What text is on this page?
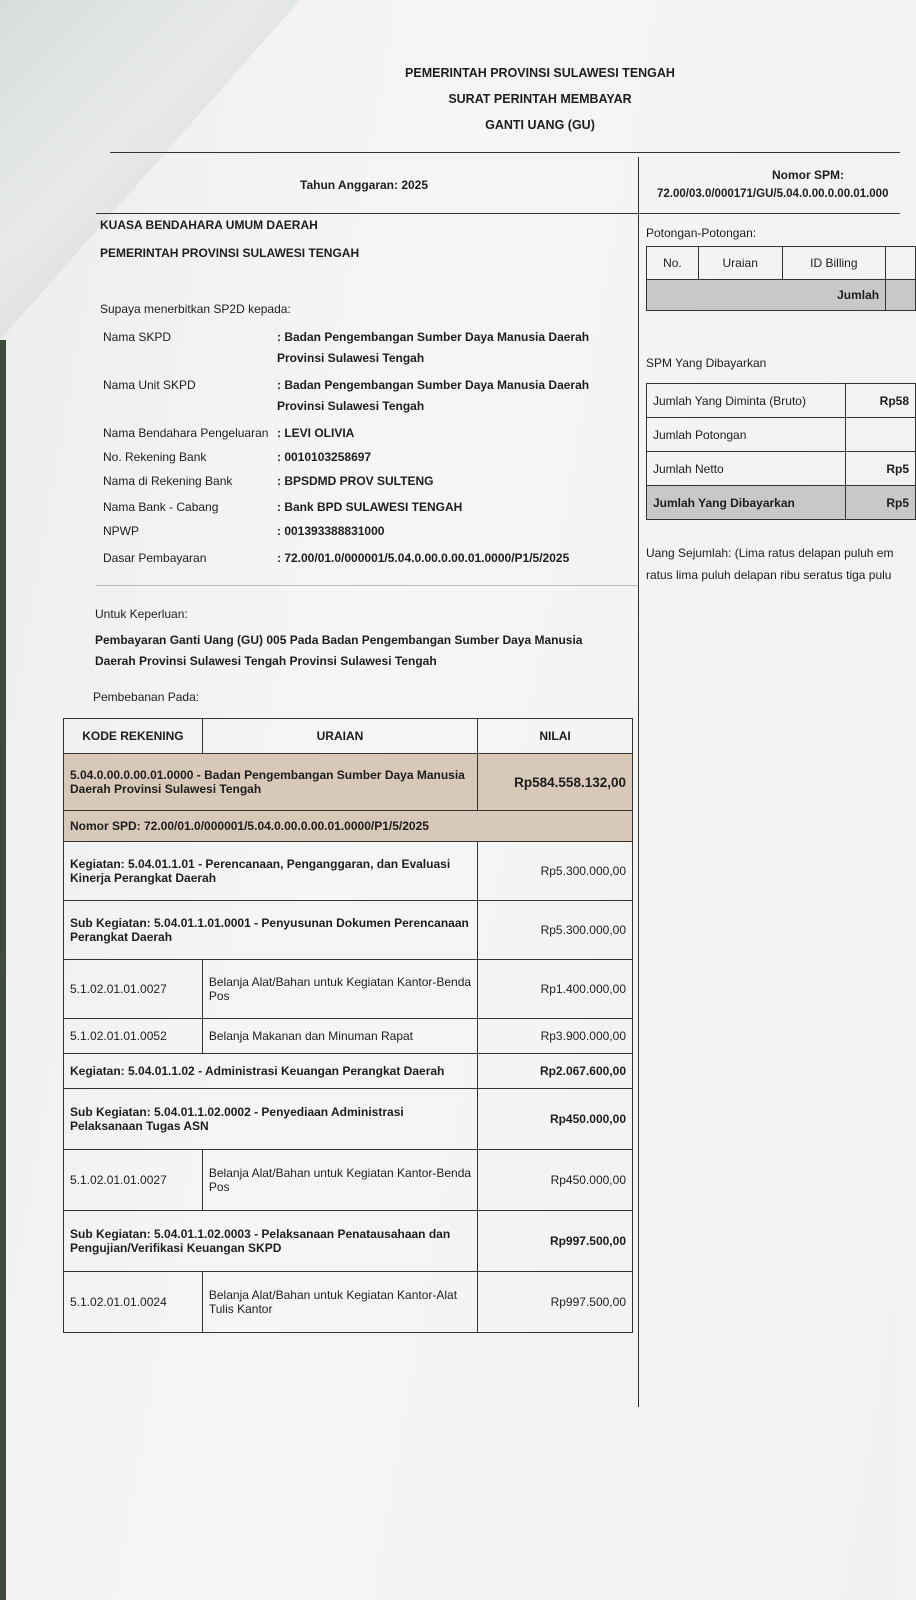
PEMERINTAH PROVINSI SULAWESI TENGAH
SURAT PERINTAH MEMBAYAR
GANTI UANG (GU)
Tahun Anggaran: 2025
Nomor SPM:
72.00/03.0/000171/GU/5.04.0.00.0.00.01.000
KUASA BENDAHARA UMUM DAERAH
PEMERINTAH PROVINSI SULAWESI TENGAH
Supaya menerbitkan SP2D kepada:
Nama SKPD	: Badan Pengembangan Sumber Daya Manusia Daerah Provinsi Sulawesi Tengah
Nama Unit SKPD	: Badan Pengembangan Sumber Daya Manusia Daerah Provinsi Sulawesi Tengah
Nama Bendahara Pengeluaran : LEVI OLIVIA
No. Rekening Bank	: 0010103258697
Nama di Rekening Bank	: BPSDMD PROV SULTENG
Nama Bank - Cabang	: Bank BPD SULAWESI TENGAH
NPWP	: 001393388831000
Dasar Pembayaran	: 72.00/01.0/000001/5.04.0.00.0.00.01.0000/P1/5/2025
Untuk Keperluan:
Pembayaran Ganti Uang (GU) 005 Pada Badan Pengembangan Sumber Daya Manusia Daerah Provinsi Sulawesi Tengah Provinsi Sulawesi Tengah
Pembebanan Pada:
KODE REKENING	URAIAN	NILAI
5.04.0.00.0.00.01.0000 - Badan Pengembangan Sumber Daya Manusia Daerah Provinsi Sulawesi Tengah		Rp584.558.132,00
Nomor SPD: 72.00/01.0/000001/5.04.0.00.0.00.01.0000/P1/5/2025		
Kegiatan: 5.04.01.1.01 - Perencanaan, Penganggaran, dan Evaluasi Kinerja Perangkat Daerah		Rp5.300.000,00
Sub Kegiatan: 5.04.01.1.01.0001 - Penyusunan Dokumen Perencanaan Perangkat Daerah		Rp5.300.000,00
5.1.02.01.01.0027	Belanja Alat/Bahan untuk Kegiatan Kantor-Benda Pos	Rp1.400.000,00
5.1.02.01.01.0052	Belanja Makanan dan Minuman Rapat	Rp3.900.000,00
Kegiatan: 5.04.01.1.02 - Administrasi Keuangan Perangkat Daerah		Rp2.067.600,00
Sub Kegiatan: 5.04.01.1.02.0002 - Penyediaan Administrasi Pelaksanaan Tugas ASN		Rp450.000,00
5.1.02.01.01.0027	Belanja Alat/Bahan untuk Kegiatan Kantor-Benda Pos	Rp450.000,00
Sub Kegiatan: 5.04.01.1.02.0003 - Pelaksanaan Penatausahaan dan Pengujian/Verifikasi Keuangan SKPD		Rp997.500,00
5.1.02.01.01.0024	Belanja Alat/Bahan untuk Kegiatan Kantor-Alat Tulis Kantor	Rp997.500,00
Potongan-Potongan:
No.	Uraian	ID Billing	
Jumlah			
SPM Yang Dibayarkan
Jumlah Yang Diminta (Bruto)	Rp58
Jumlah Potongan	
Jumlah Netto	Rp5
Jumlah Yang Dibayarkan	Rp5
Uang Sejumlah: (Lima ratus delapan puluh em
ratus lima puluh delapan ribu seratus tiga pulu
